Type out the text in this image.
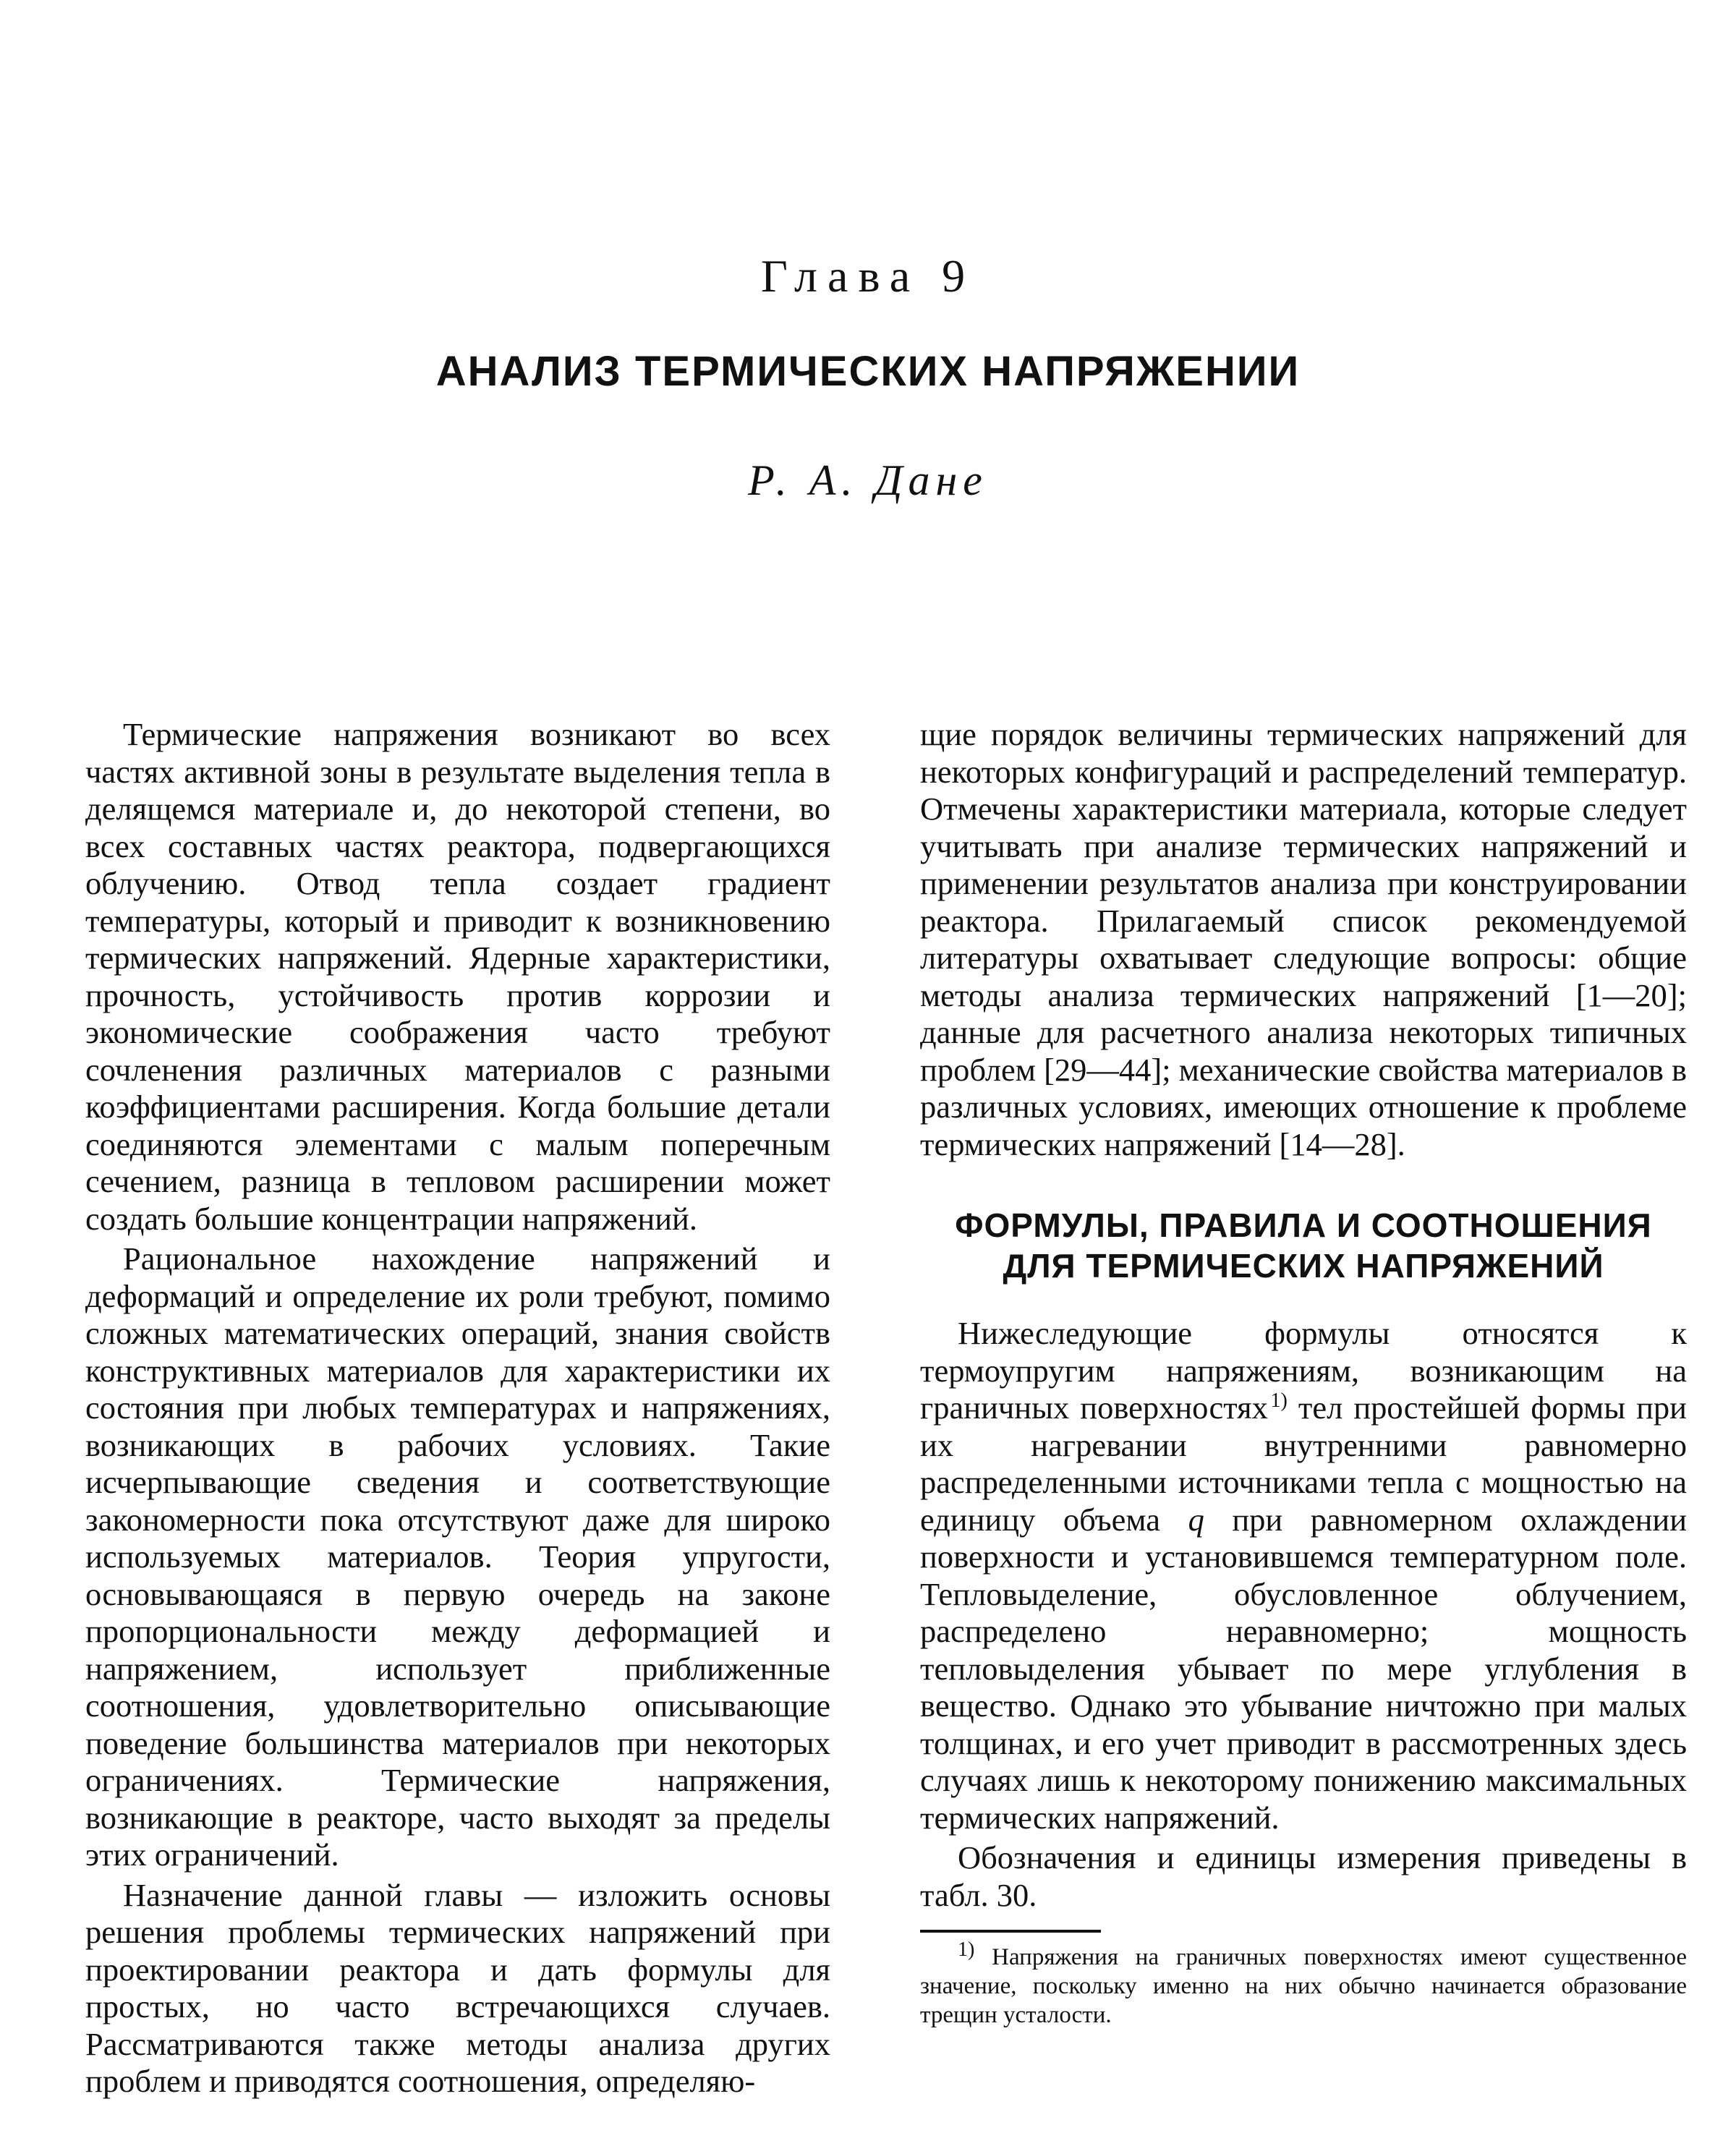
Глава 9
АНАЛИЗ ТЕРМИЧЕСКИХ НАПРЯЖЕНИИ
Р. А. Дане

Термические напряжения возникают во всех частях активной зоны в результате выделения тепла в делящемся материале и, до некоторой степени, во всех составных частях реактора, подвергающихся облучению. Отвод тепла создает градиент температуры, который и приводит к возникновению термических напряжений. Ядерные характеристики, прочность, устойчивость против коррозии и экономические соображения часто требуют сочленения различных материалов с разными коэффициентами расширения. Когда большие детали соединяются элементами с малым поперечным сечением, разница в тепловом расширении может создать большие концентрации напряжений.

Рациональное нахождение напряжений и деформаций и определение их роли требуют, помимо сложных математических операций, знания свойств конструктивных материалов для характеристики их состояния при любых температурах и напряжениях, возникающих в рабочих условиях. Такие исчерпывающие сведения и соответствующие закономерности пока отсутствуют даже для широко используемых материалов. Теория упругости, основывающаяся в первую очередь на законе пропорциональности между деформацией и напряжением, использует приближенные соотношения, удовлетворительно описывающие поведение большинства материалов при некоторых ограничениях. Термические напряжения, возникающие в реакторе, часто выходят за пределы этих ограничений.

Назначение данной главы — изложить основы решения проблемы термических напряжений при проектировании реактора и дать формулы для простых, но часто встречающихся случаев. Рассматриваются также методы анализа других проблем и приводятся соотношения, определяю-

щие порядок величины термических напряжений для некоторых конфигураций и распределений температур. Отмечены характеристики материала, которые следует учитывать при анализе термических напряжений и применении результатов анализа при конструировании реактора. Прилагаемый список рекомендуемой литературы охватывает следующие вопросы: общие методы анализа термических напряжений [1—20]; данные для расчетного анализа некоторых типичных проблем [29—44]; механические свойства материалов в различных условиях, имеющих отношение к проблеме термических напряжений [14—28].

ФОРМУЛЫ, ПРАВИЛА И СООТНОШЕНИЯ
ДЛЯ ТЕРМИЧЕСКИХ НАПРЯЖЕНИЙ

Нижеследующие формулы относятся к термоупругим напряжениям, возникающим на граничных поверхностях  $^{1)}$ тел простейшей формы при их нагревании внутренними равномерно распределенными источниками тепла с мощностью на единицу объема q при равномерном охлаждении поверхности и установившемся температурном поле. Тепловыделение, обусловленное облучением, распределено неравномерно; мощность тепловыделения убывает по мере углубления в вещество. Однако это убывание ничтожно при малых толщинах, и его учет приводит в рассмотренных здесь случаях лишь к некоторому понижению максимальных термических напряжений.

Обозначения и единицы измерения приведены в табл. 30.

$^{1)}$ Напряжения на граничных поверхностях имеют существенное значение, поскольку именно на них обычно начинается образование трещин усталости.
